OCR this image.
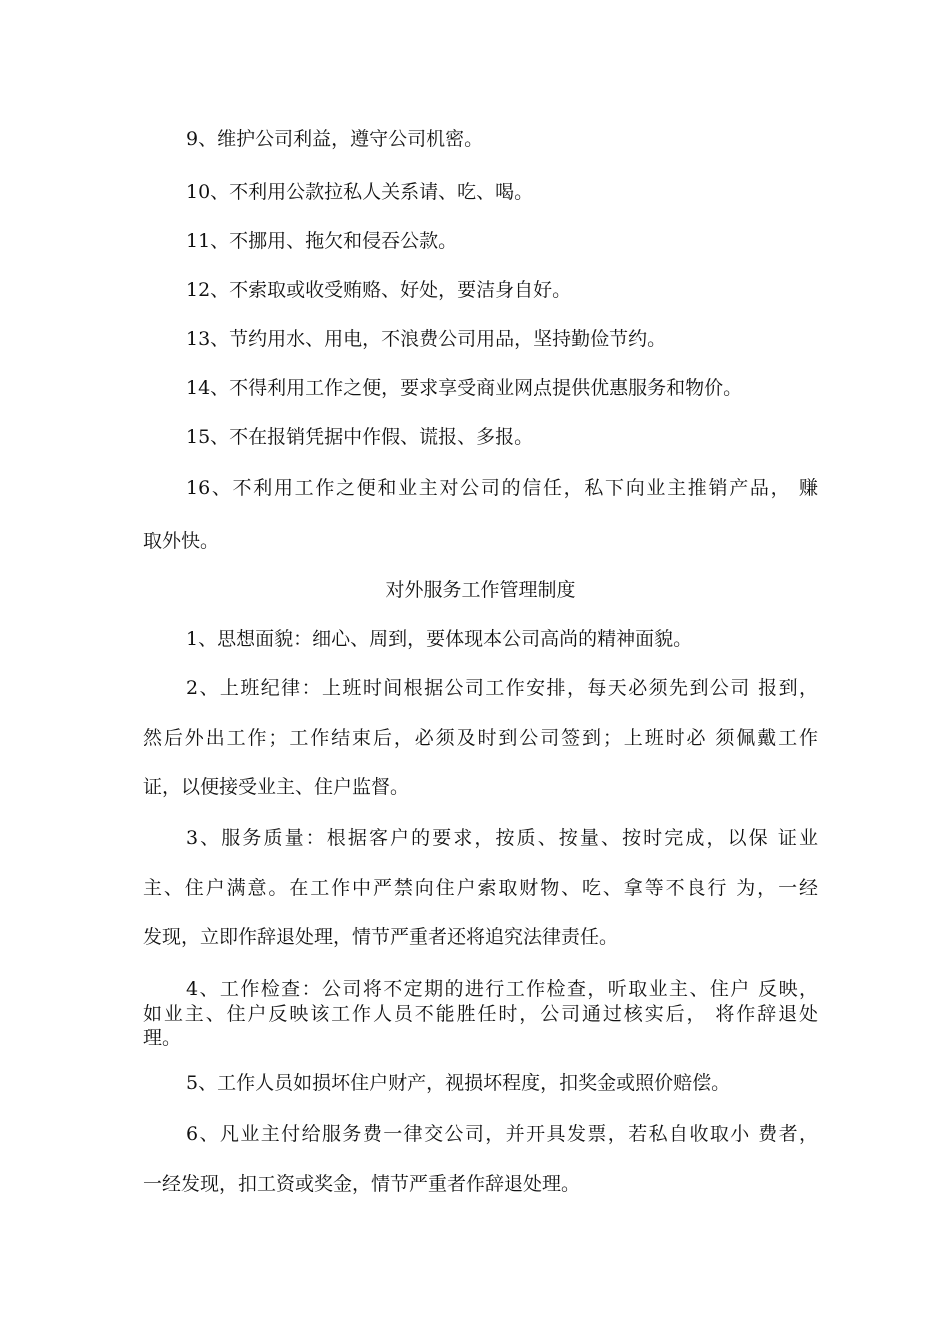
9、维护公司利益，遵守公司机密。
10、不利用公款拉私人关系请、吃、喝。
11、不挪用、拖欠和侵吞公款。
12、不索取或收受贿赂、好处，要洁身自好。
13、节约用水、用电，不浪费公司用品，坚持勤俭节约。
14、不得利用工作之便，要求享受商业网点提供优惠服务和物价。
15、不在报销凭据中作假、谎报、多报。
16、不利用工作之便和业主对公司的信任，私下向业主推销产品， 赚
取外快。
对外服务工作管理制度
1、思想面貌：细心、周到，要体现本公司高尚的精神面貌。
2、上班纪律：上班时间根据公司工作安排，每天必须先到公司 报到，
然后外出工作；工作结束后，必须及时到公司签到；上班时必 须佩戴工作
证，以便接受业主、住户监督。
3、服务质量：根据客户的要求，按质、按量、按时完成，以保 证业
主、住户满意。在工作中严禁向住户索取财物、吃、拿等不良行 为，一经
发现，立即作辞退处理，情节严重者还将追究法律责任。
4、工作检查：公司将不定期的进行工作检查，听取业主、住户 反映，
如业主、住户反映该工作人员不能胜任时，公司通过核实后， 将作辞退处
理。
5、工作人员如损坏住户财产，视损坏程度，扣奖金或照价赔偿。
6、凡业主付给服务费一律交公司，并开具发票，若私自收取小 费者，
一经发现，扣工资或奖金，情节严重者作辞退处理。
